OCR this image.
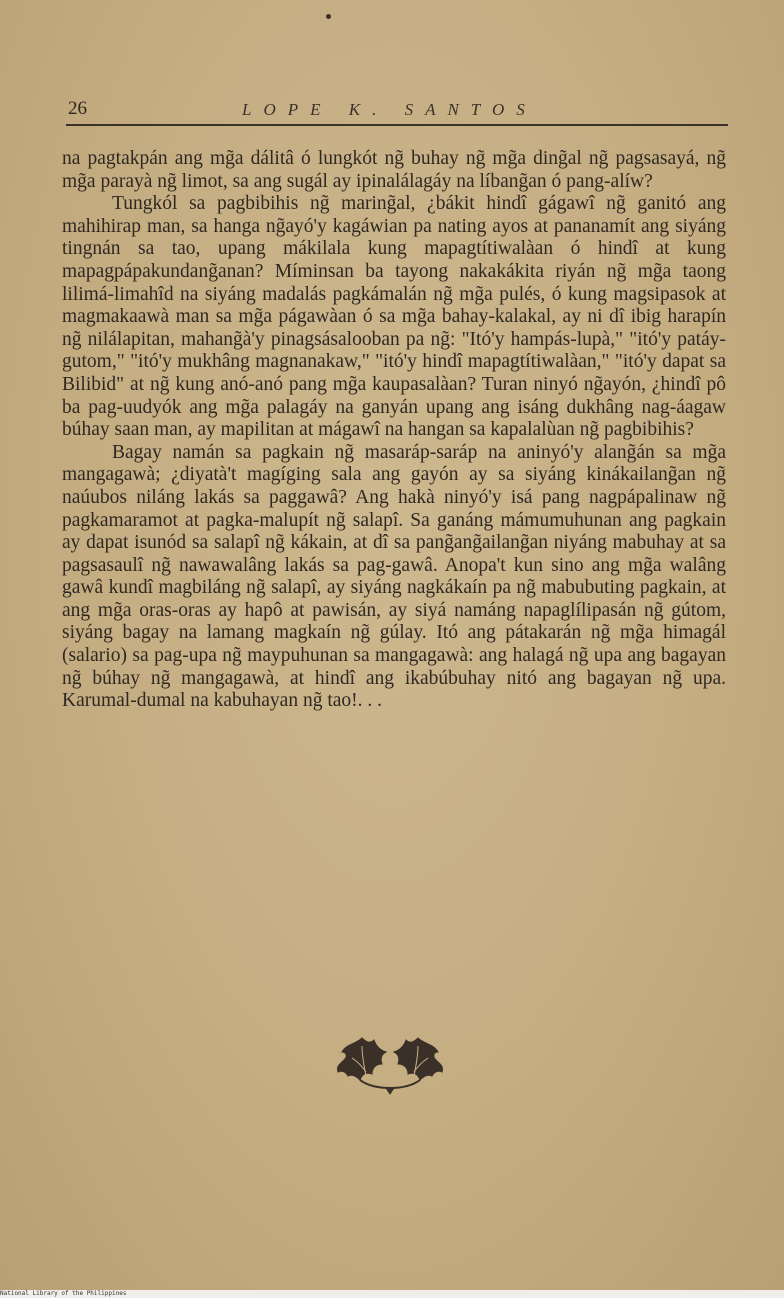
26	LOPE K. SANTOS

na pagtakpán ang mg̃a dálitâ ó lungkót ng̃ buhay ng̃ mg̃a ding̃al ng̃ pagsasayá, ng̃ mg̃a parayà ng̃ limot, sa ang sugál ay ipinalálagáy na líbang̃an ó pang-alíw?

Tungkól sa pagbibihis ng̃ maring̃al, ¿bákit hindî gágawî ng̃ ganitó ang mahihirap man, sa hanga ng̃ayó'y kagáwian pa nating ayos at pananamít ang siyáng tingnán sa tao, upang mákilala kung mapagtítiwalàan ó hindî at kung mapagpápakundang̃anan? Míminsan ba tayong nakakákita riyán ng̃ mg̃a taong lilimá-limahîd na siyáng madalás pagkámalán ng̃ mg̃a pulés, ó kung magsipasok at magmakaawà man sa mg̃a págawàan ó sa mg̃a bahay-kalakal, ay ni dî ibig harapín ng̃ nilálapitan, mahang̃à'y pinagsásalooban pa ng̃: "Itó'y hampás-lupà," "itó'y patáy-gutom," "itó'y mukhâng magnanakaw," "itó'y hindî mapagtítiwalàan," "itó'y dapat sa Bilibid" at ng̃ kung anó-anó pang mg̃a kaupasalàan? Turan ninyó ng̃ayón, ¿hindî pô ba pag-uudyók ang mg̃a palagáy na ganyán upang ang isáng dukhâng nag-áagaw búhay saan man, ay mapilitan at mágawî na hangan sa kapalalùan ng̃ pagbibihis?

Bagay namán sa pagkain ng̃ masaráp-saráp na aninyó'y alang̃án sa mg̃a mangagawà; ¿diyatà't magíging sala ang gayón ay sa siyáng kinákailang̃an ng̃ naúubos niláng lakás sa paggawâ? Ang hakà ninyó'y isá pang nagpápalinaw ng̃ pagkamaramot at pagka-malupít ng̃ salapî. Sa ganáng mámumuhunan ang pagkain ay dapat isunód sa salapî ng̃ kákain, at dî sa pang̃ang̃ailang̃an niyáng mabuhay at sa pagsasaulî ng̃ nawawalâng lakás sa pag-gawâ. Anopa't kun sino ang mg̃a walâng gawâ kundî magbiláng ng̃ salapî, ay siyáng nagkákaín pa ng̃ mabubuting pagkain, at ang mg̃a oras-oras ay hapô at pawisán, ay siyá namáng napaglílipasán ng̃ gútom, siyáng bagay na lamang magkaín ng̃ gúlay. Itó ang pátakarán ng̃ mg̃a himagál (salario) sa pag-upa ng̃ maypuhunan sa mangagawà: ang halagá ng̃ upa ang bagayan ng̃ búhay ng̃ mangagawà, at hindî ang ikabúbuhay nitó ang bagayan ng̃ upa. Karumal-dumal na kabuhayan ng̃ tao!. . .

National Library of the Philippines
